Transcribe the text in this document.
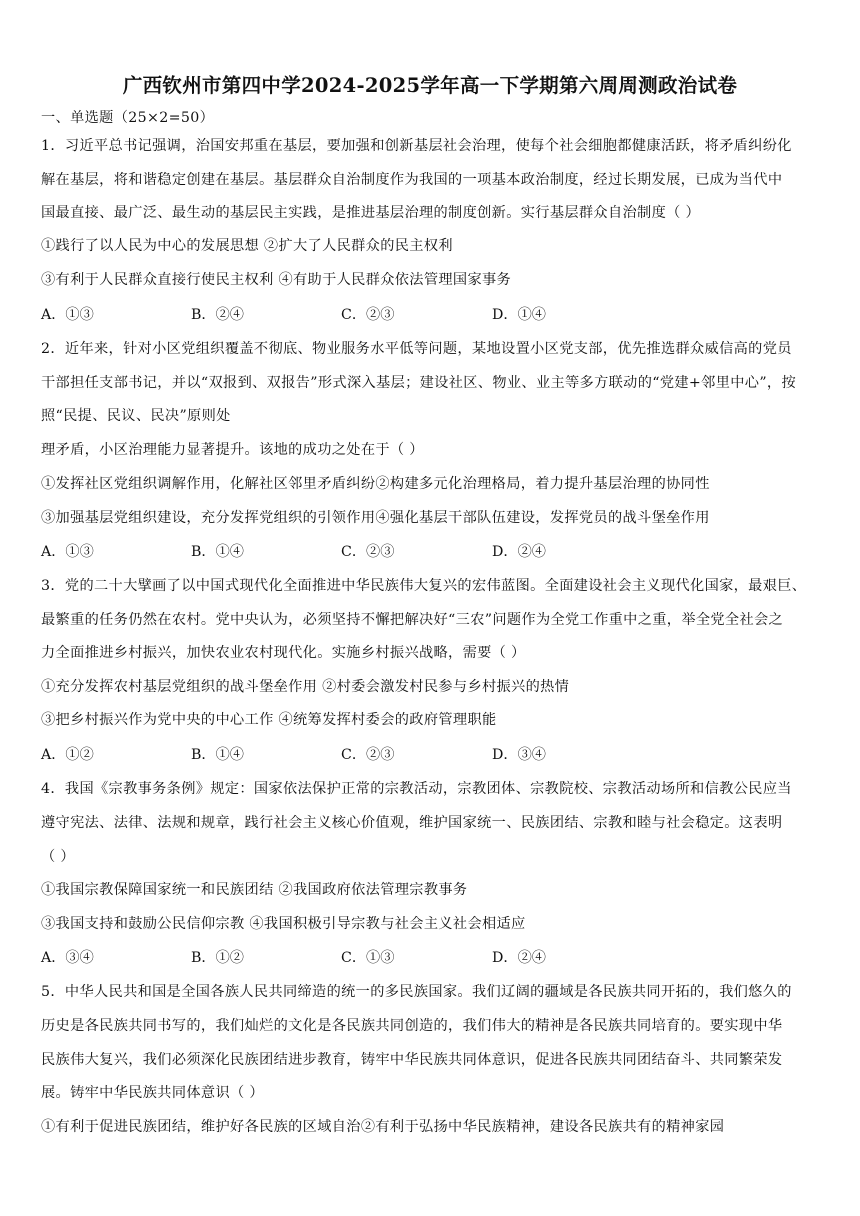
广西钦州市第四中学2024-2025学年高一下学期第六周周测政治试卷
一、单选题（25×2=50）
1．习近平总书记强调，治国安邦重在基层，要加强和创新基层社会治理，使每个社会细胞都健康活跃，将矛盾纠纷化
解在基层，将和谐稳定创建在基层。基层群众自治制度作为我国的一项基本政治制度，经过长期发展，已成为当代中
国最直接、最广泛、最生动的基层民主实践，是推进基层治理的制度创新。实行基层群众自治制度（ ）
①践行了以人民为中心的发展思想 ②扩大了人民群众的民主权利
③有利于人民群众直接行使民主权利 ④有助于人民群众依法管理国家事务
A．①③	B．②④	C．②③	D．①④
2．近年来，针对小区党组织覆盖不彻底、物业服务水平低等问题，某地设置小区党支部，优先推选群众威信高的党员
干部担任支部书记，并以“双报到、双报告”形式深入基层；建设社区、物业、业主等多方联动的“党建+邻里中心”，按
照“民提、民议、民决”原则处
理矛盾，小区治理能力显著提升。该地的成功之处在于（ ）
①发挥社区党组织调解作用，化解社区邻里矛盾纠纷②构建多元化治理格局，着力提升基层治理的协同性
③加强基层党组织建设，充分发挥党组织的引领作用④强化基层干部队伍建设，发挥党员的战斗堡垒作用
A．①③	B．①④	C．②③	D．②④
3．党的二十大擘画了以中国式现代化全面推进中华民族伟大复兴的宏伟蓝图。全面建设社会主义现代化国家，最艰巨、
最繁重的任务仍然在农村。党中央认为，必须坚持不懈把解决好“三农”问题作为全党工作重中之重，举全党全社会之
力全面推进乡村振兴，加快农业农村现代化。实施乡村振兴战略，需要（ ）
①充分发挥农村基层党组织的战斗堡垒作用 ②村委会激发村民参与乡村振兴的热情
③把乡村振兴作为党中央的中心工作 ④统筹发挥村委会的政府管理职能
A．①②	B．①④	C．②③	D．③④
4．我国《宗教事务条例》规定：国家依法保护正常的宗教活动，宗教团体、宗教院校、宗教活动场所和信教公民应当
遵守宪法、法律、法规和规章，践行社会主义核心价值观，维护国家统一、民族团结、宗教和睦与社会稳定。这表明
（ ）
①我国宗教保障国家统一和民族团结 ②我国政府依法管理宗教事务
③我国支持和鼓励公民信仰宗教 ④我国积极引导宗教与社会主义社会相适应
A．③④	B．①②	C．①③	D．②④
5．中华人民共和国是全国各族人民共同缔造的统一的多民族国家。我们辽阔的疆域是各民族共同开拓的，我们悠久的
历史是各民族共同书写的，我们灿烂的文化是各民族共同创造的，我们伟大的精神是各民族共同培育的。要实现中华
民族伟大复兴，我们必须深化民族团结进步教育，铸牢中华民族共同体意识，促进各民族共同团结奋斗、共同繁荣发
展。铸牢中华民族共同体意识（ ）
①有利于促进民族团结，维护好各民族的区域自治②有利于弘扬中华民族精神，建设各民族共有的精神家园
